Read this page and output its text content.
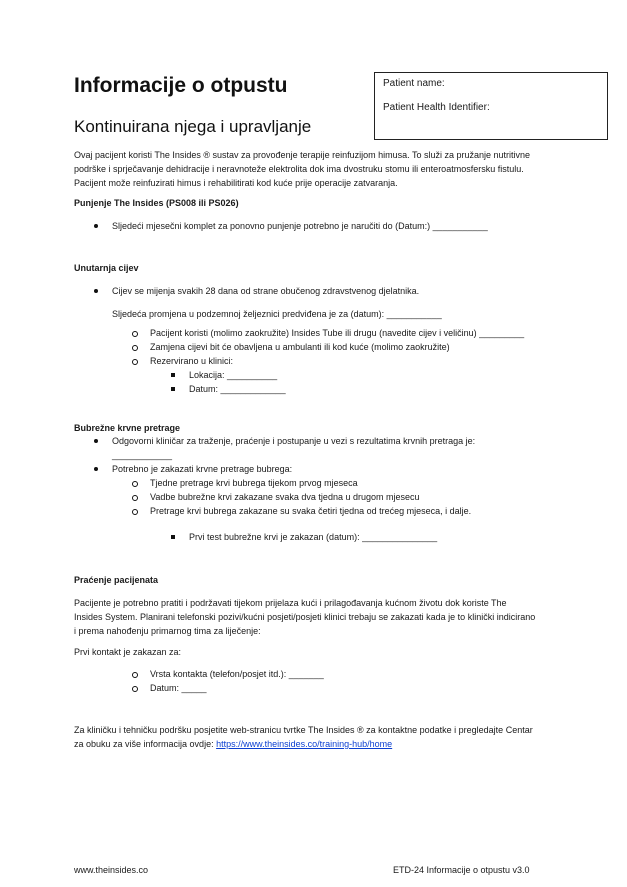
Informacije o otpustu
Kontinuirana njega i upravljanje
Patient name:
Patient Health Identifier:
Ovaj pacijent koristi The Insides ® sustav za provođenje terapije reinfuzijom himusa. To služi za pružanje nutritivne
podrške i sprječavanje dehidracije i neravnoteže elektrolita dok ima dvostruku stomu ili enteroatmosfersku fistulu.
Pacijent može reinfuzirati himus i rehabilitirati kod kuće prije operacije zatvaranja.
Punjenje The Insides (PS008 ili PS026)
Sljedeći mjesečni komplet za ponovno punjenje potrebno je naručiti do (Datum:) ___________
Unutarnja cijev
Cijev se mijenja svakih 28 dana od strane obučenog zdravstvenog djelatnika.
Sljedeća promjena u podzemnoj željeznici predviđena je za (datum): ___________
Pacijent koristi (molimo zaokružite) Insides Tube ili drugu (navedite cijev i veličinu) _________
Zamjena cijevi bit će obavljena u ambulanti ili kod kuće (molimo zaokružite)
Rezervirano u klinici:
Lokacija: __________
Datum: _____________
Bubrežne krvne pretrage
Odgovorni kliničar za traženje, praćenje i postupanje u vezi s rezultatima krvnih pretraga je:
____________
Potrebno je zakazati krvne pretrage bubrega:
Tjedne pretrage krvi bubrega tijekom prvog mjeseca
Vadbe bubrežne krvi zakazane svaka dva tjedna u drugom mjesecu
Pretrage krvi bubrega zakazane su svaka četiri tjedna od trećeg mjeseca, i dalje.
Prvi test bubrežne krvi je zakazan (datum): _______________
Praćenje pacijenata
Pacijente je potrebno pratiti i podržavati tijekom prijelaza kući i prilagođavanja kućnom životu dok koriste The
Insides System. Planirani telefonski pozivi/kućni posjeti/posjeti klinici trebaju se zakazati kada je to klinički indicirano
i prema nahođenju primarnog tima za liječenje:
Prvi kontakt je zakazan za:
Vrsta kontakta (telefon/posjet itd.): _______
Datum: _____
Za kliničku i tehničku podršku posjetite web-stranicu tvrtke The Insides ® za kontaktne podatke i pregledajte Centar
za obuku za više informacija ovdje: https://www.theinsides.co/training-hub/home
www.theinsides.co	ETD-24 Informacije o otpustu v3.0
